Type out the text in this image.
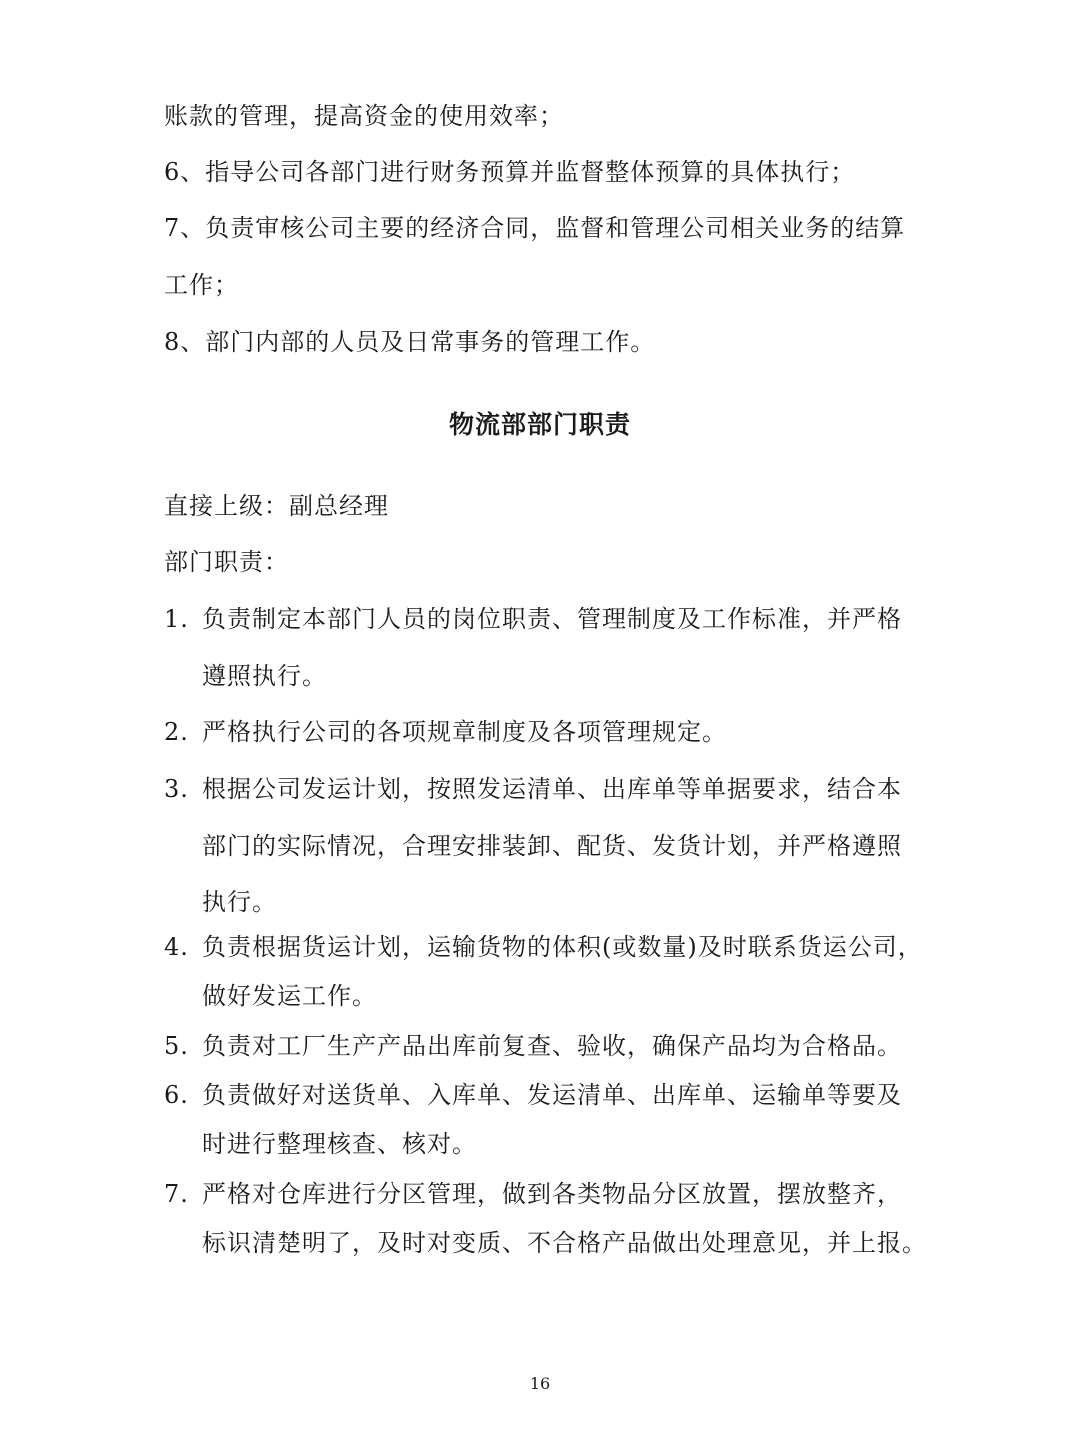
账款的管理，提高资金的使用效率；
6、指导公司各部门进行财务预算并监督整体预算的具体执行；
7、负责审核公司主要的经济合同，监督和管理公司相关业务的结算
工作；
8、部门内部的人员及日常事务的管理工作。
物流部部门职责
直接上级：副总经理
部门职责：
1. 负责制定本部门人员的岗位职责、管理制度及工作标准，并严格
遵照执行。
2. 严格执行公司的各项规章制度及各项管理规定。
3. 根据公司发运计划，按照发运清单、出库单等单据要求，结合本
部门的实际情况，合理安排装卸、配货、发货计划，并严格遵照
执行。
4. 负责根据货运计划，运输货物的体积(或数量)及时联系货运公司，
做好发运工作。
5. 负责对工厂生产产品出库前复查、验收，确保产品均为合格品。
6. 负责做好对送货单、入库单、发运清单、出库单、运输单等要及
时进行整理核查、核对。
7. 严格对仓库进行分区管理，做到各类物品分区放置，摆放整齐，
标识清楚明了，及时对变质、不合格产品做出处理意见，并上报。
16
